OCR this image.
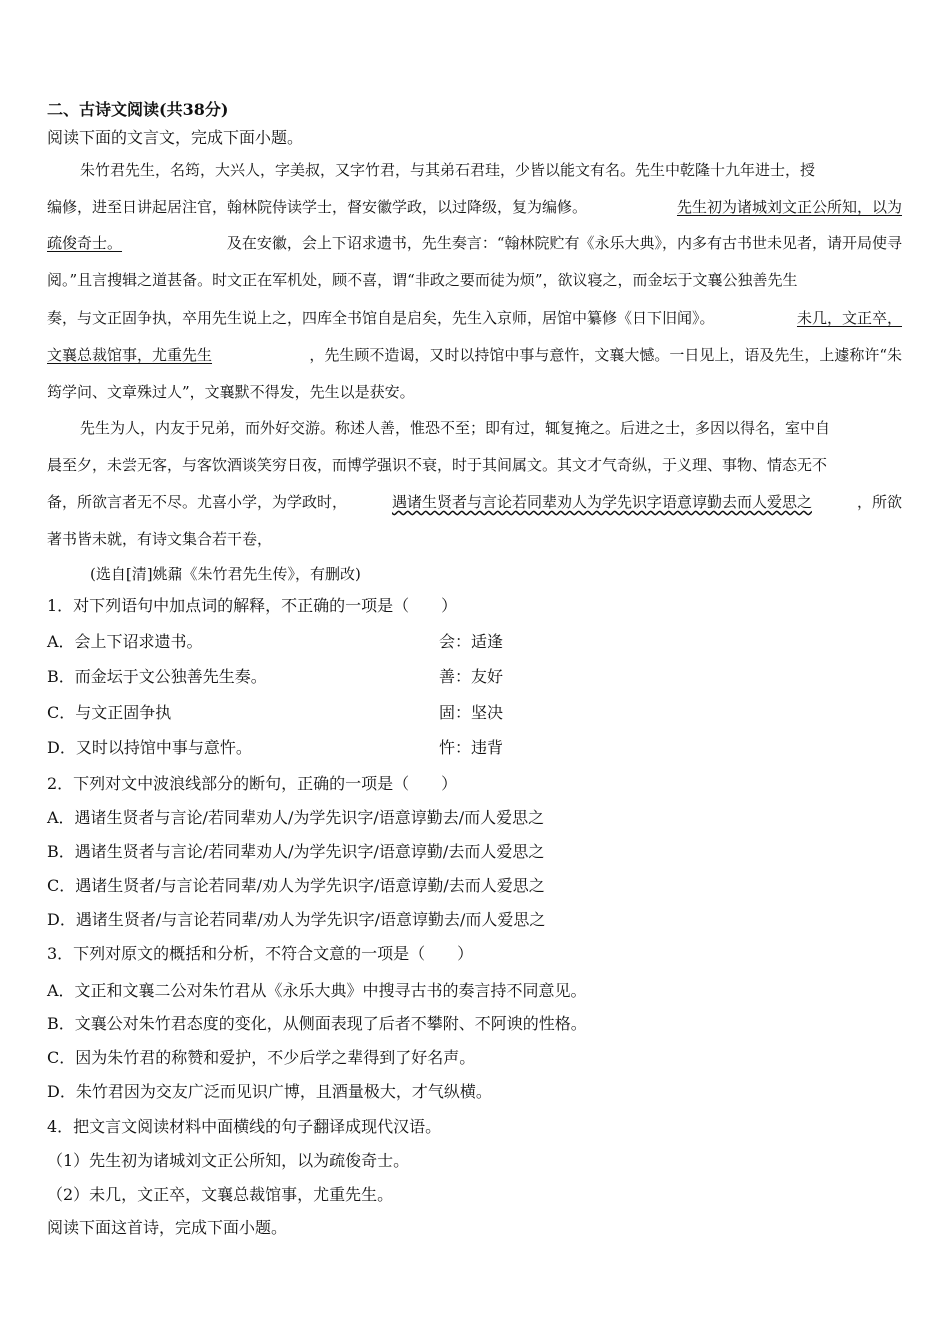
二、古诗文阅读(共38分)
阅读下面的文言文，完成下面小题。
朱竹君先生，名筠，大兴人，字美叔，又字竹君，与其弟石君珪，少皆以能文有名。先生中乾隆十九年进士，授
编修，进至日讲起居注官，翰林院侍读学士，督安徽学政，以过降级，复为编修。	先生初为诸城刘文正公所知，以为
疏俊奇士。	及在安徽，会上下诏求遗书，先生奏言：“翰林院贮有《永乐大典》，内多有古书世未见者，请开局使寻
阅。”且言搜辑之道甚备。时文正在军机处，顾不喜，谓“非政之要而徒为烦”，欲议寝之，而金坛于文襄公独善先生
奏，与文正固争执，卒用先生说上之，四库全书馆自是启矣，先生入京师，居馆中纂修《日下旧闻》。	未几，文正卒，
文襄总裁馆事，尤重先生	，先生顾不造谒，又时以持馆中事与意忤，文襄大憾。一日见上，语及先生，上遽称许“朱
筠学问、文章殊过人”，文襄默不得发，先生以是获安。
先生为人，内友于兄弟，而外好交游。称述人善，惟恐不至；即有过，辄复掩之。后进之士，多因以得名，室中自
晨至夕，未尝无客，与客饮酒谈笑穷日夜，而博学强识不衰，时于其间属文。其文才气奇纵，于义理、事物、情态无不
备，所欲言者无不尽。尤喜小学，为学政时，	遇诸生贤者与言论若同辈劝人为学先识字语意谆勤去而人爱思之	，所欲
著书皆未就，有诗文集合若干卷，
(选自[清]姚鼐《朱竹君先生传》，有删改)
1．对下列语句中加点词的解释，不正确的一项是（　　）
A．会上下诏求遗书。	会：适逢
B．而金坛于文公独善先生奏。	善：友好
C．与文正固争执	固：坚决
D．又时以持馆中事与意忤。	忤：违背
2．下列对文中波浪线部分的断句，正确的一项是（　　）
A．遇诸生贤者与言论/若同辈劝人/为学先识字/语意谆勤去/而人爱思之
B．遇诸生贤者与言论/若同辈劝人/为学先识字/语意谆勤/去而人爱思之
C．遇诸生贤者/与言论若同辈/劝人为学先识字/语意谆勤/去而人爱思之
D．遇诸生贤者/与言论若同辈/劝人为学先识字/语意谆勤去/而人爱思之
3．下列对原文的概括和分析，不符合文意的一项是（　　）
A．文正和文襄二公对朱竹君从《永乐大典》中搜寻古书的奏言持不同意见。
B．文襄公对朱竹君态度的变化，从侧面表现了后者不攀附、不阿谀的性格。
C．因为朱竹君的称赞和爱护，不少后学之辈得到了好名声。
D．朱竹君因为交友广泛而见识广博，且酒量极大，才气纵横。
4．把文言文阅读材料中面横线的句子翻译成现代汉语。
（1）先生初为诸城刘文正公所知，以为疏俊奇士。
（2）未几，文正卒，文襄总裁馆事，尤重先生。
阅读下面这首诗，完成下面小题。
